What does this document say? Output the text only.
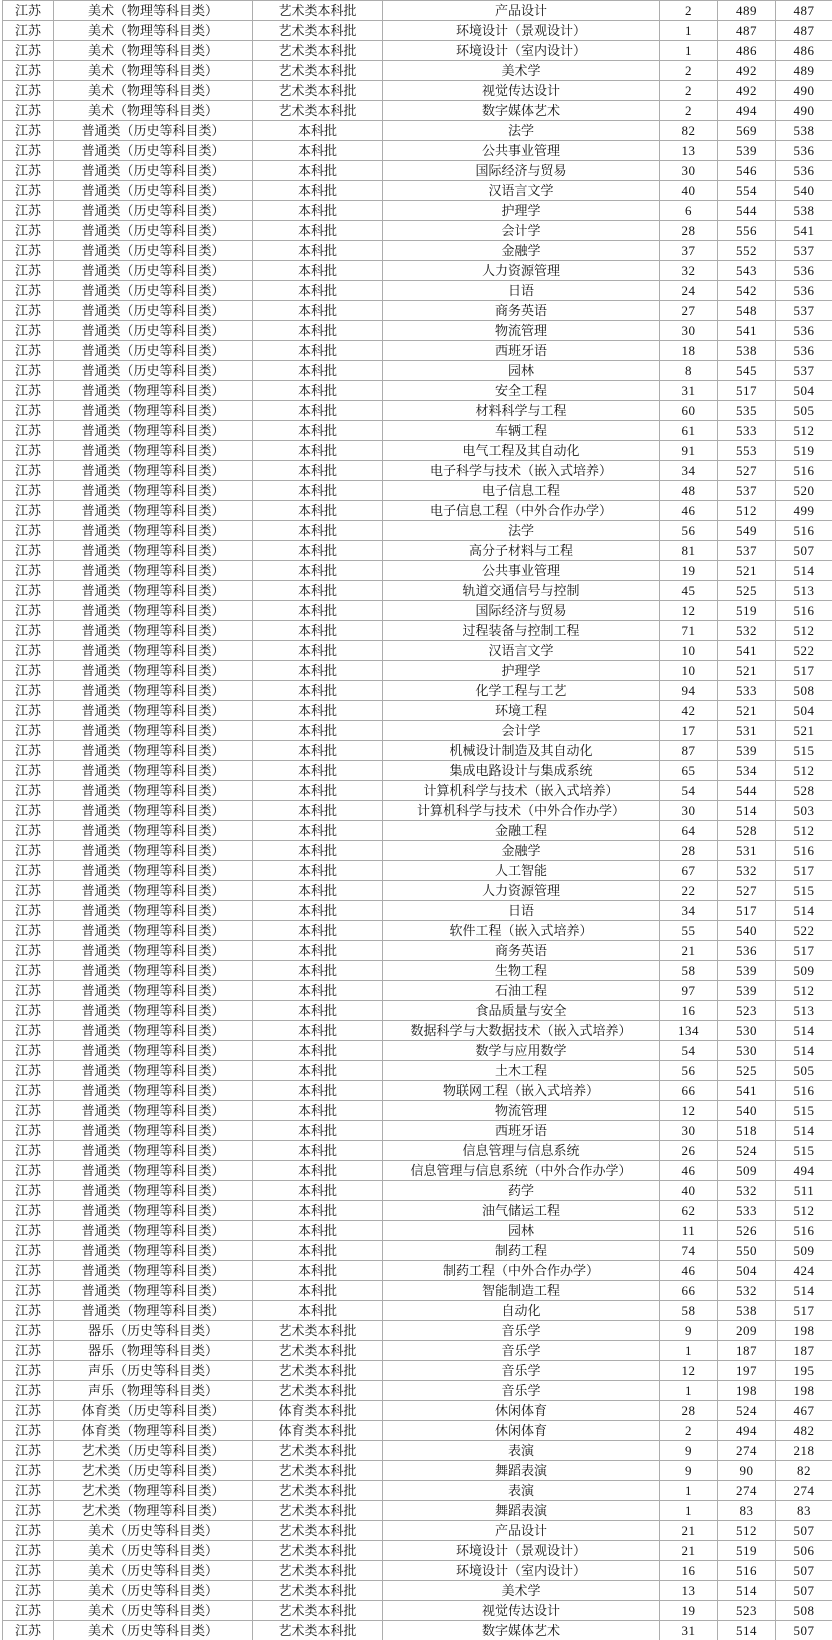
江苏	美术（物理等科目类）	艺术类本科批	产品设计	2	489	487
江苏	美术（物理等科目类）	艺术类本科批	环境设计（景观设计）	1	487	487
江苏	美术（物理等科目类）	艺术类本科批	环境设计（室内设计）	1	486	486
江苏	美术（物理等科目类）	艺术类本科批	美术学	2	492	489
江苏	美术（物理等科目类）	艺术类本科批	视觉传达设计	2	492	490
江苏	美术（物理等科目类）	艺术类本科批	数字媒体艺术	2	494	490
江苏	普通类（历史等科目类）	本科批	法学	82	569	538
江苏	普通类（历史等科目类）	本科批	公共事业管理	13	539	536
江苏	普通类（历史等科目类）	本科批	国际经济与贸易	30	546	536
江苏	普通类（历史等科目类）	本科批	汉语言文学	40	554	540
江苏	普通类（历史等科目类）	本科批	护理学	6	544	538
江苏	普通类（历史等科目类）	本科批	会计学	28	556	541
江苏	普通类（历史等科目类）	本科批	金融学	37	552	537
江苏	普通类（历史等科目类）	本科批	人力资源管理	32	543	536
江苏	普通类（历史等科目类）	本科批	日语	24	542	536
江苏	普通类（历史等科目类）	本科批	商务英语	27	548	537
江苏	普通类（历史等科目类）	本科批	物流管理	30	541	536
江苏	普通类（历史等科目类）	本科批	西班牙语	18	538	536
江苏	普通类（历史等科目类）	本科批	园林	8	545	537
江苏	普通类（物理等科目类）	本科批	安全工程	31	517	504
江苏	普通类（物理等科目类）	本科批	材料科学与工程	60	535	505
江苏	普通类（物理等科目类）	本科批	车辆工程	61	533	512
江苏	普通类（物理等科目类）	本科批	电气工程及其自动化	91	553	519
江苏	普通类（物理等科目类）	本科批	电子科学与技术（嵌入式培养）	34	527	516
江苏	普通类（物理等科目类）	本科批	电子信息工程	48	537	520
江苏	普通类（物理等科目类）	本科批	电子信息工程（中外合作办学）	46	512	499
江苏	普通类（物理等科目类）	本科批	法学	56	549	516
江苏	普通类（物理等科目类）	本科批	高分子材料与工程	81	537	507
江苏	普通类（物理等科目类）	本科批	公共事业管理	19	521	514
江苏	普通类（物理等科目类）	本科批	轨道交通信号与控制	45	525	513
江苏	普通类（物理等科目类）	本科批	国际经济与贸易	12	519	516
江苏	普通类（物理等科目类）	本科批	过程装备与控制工程	71	532	512
江苏	普通类（物理等科目类）	本科批	汉语言文学	10	541	522
江苏	普通类（物理等科目类）	本科批	护理学	10	521	517
江苏	普通类（物理等科目类）	本科批	化学工程与工艺	94	533	508
江苏	普通类（物理等科目类）	本科批	环境工程	42	521	504
江苏	普通类（物理等科目类）	本科批	会计学	17	531	521
江苏	普通类（物理等科目类）	本科批	机械设计制造及其自动化	87	539	515
江苏	普通类（物理等科目类）	本科批	集成电路设计与集成系统	65	534	512
江苏	普通类（物理等科目类）	本科批	计算机科学与技术（嵌入式培养）	54	544	528
江苏	普通类（物理等科目类）	本科批	计算机科学与技术（中外合作办学）	30	514	503
江苏	普通类（物理等科目类）	本科批	金融工程	64	528	512
江苏	普通类（物理等科目类）	本科批	金融学	28	531	516
江苏	普通类（物理等科目类）	本科批	人工智能	67	532	517
江苏	普通类（物理等科目类）	本科批	人力资源管理	22	527	515
江苏	普通类（物理等科目类）	本科批	日语	34	517	514
江苏	普通类（物理等科目类）	本科批	软件工程（嵌入式培养）	55	540	522
江苏	普通类（物理等科目类）	本科批	商务英语	21	536	517
江苏	普通类（物理等科目类）	本科批	生物工程	58	539	509
江苏	普通类（物理等科目类）	本科批	石油工程	97	539	512
江苏	普通类（物理等科目类）	本科批	食品质量与安全	16	523	513
江苏	普通类（物理等科目类）	本科批	数据科学与大数据技术（嵌入式培养）	134	530	514
江苏	普通类（物理等科目类）	本科批	数学与应用数学	54	530	514
江苏	普通类（物理等科目类）	本科批	土木工程	56	525	505
江苏	普通类（物理等科目类）	本科批	物联网工程（嵌入式培养）	66	541	516
江苏	普通类（物理等科目类）	本科批	物流管理	12	540	515
江苏	普通类（物理等科目类）	本科批	西班牙语	30	518	514
江苏	普通类（物理等科目类）	本科批	信息管理与信息系统	26	524	515
江苏	普通类（物理等科目类）	本科批	信息管理与信息系统（中外合作办学）	46	509	494
江苏	普通类（物理等科目类）	本科批	药学	40	532	511
江苏	普通类（物理等科目类）	本科批	油气储运工程	62	533	512
江苏	普通类（物理等科目类）	本科批	园林	11	526	516
江苏	普通类（物理等科目类）	本科批	制药工程	74	550	509
江苏	普通类（物理等科目类）	本科批	制药工程（中外合作办学）	46	504	424
江苏	普通类（物理等科目类）	本科批	智能制造工程	66	532	514
江苏	普通类（物理等科目类）	本科批	自动化	58	538	517
江苏	器乐（历史等科目类）	艺术类本科批	音乐学	9	209	198
江苏	器乐（物理等科目类）	艺术类本科批	音乐学	1	187	187
江苏	声乐（历史等科目类）	艺术类本科批	音乐学	12	197	195
江苏	声乐（物理等科目类）	艺术类本科批	音乐学	1	198	198
江苏	体育类（历史等科目类）	体育类本科批	休闲体育	28	524	467
江苏	体育类（物理等科目类）	体育类本科批	休闲体育	2	494	482
江苏	艺术类（历史等科目类）	艺术类本科批	表演	9	274	218
江苏	艺术类（历史等科目类）	艺术类本科批	舞蹈表演	9	90	82
江苏	艺术类（物理等科目类）	艺术类本科批	表演	1	274	274
江苏	艺术类（物理等科目类）	艺术类本科批	舞蹈表演	1	83	83
江苏	美术（历史等科目类）	艺术类本科批	产品设计	21	512	507
江苏	美术（历史等科目类）	艺术类本科批	环境设计（景观设计）	21	519	506
江苏	美术（历史等科目类）	艺术类本科批	环境设计（室内设计）	16	516	507
江苏	美术（历史等科目类）	艺术类本科批	美术学	13	514	507
江苏	美术（历史等科目类）	艺术类本科批	视觉传达设计	19	523	508
江苏	美术（历史等科目类）	艺术类本科批	数字媒体艺术	31	514	507
